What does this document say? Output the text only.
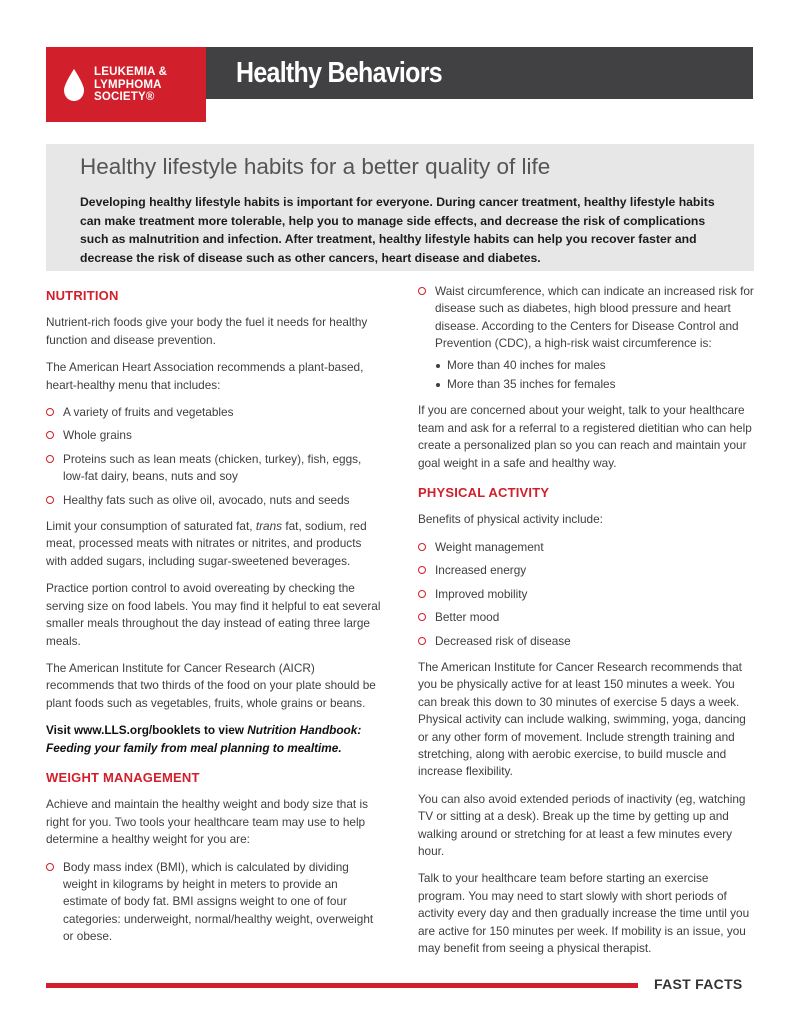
LEUKEMIA &
LYMPHOMA
SOCIETY®
Healthy Behaviors
Healthy lifestyle habits for a better quality of life
Developing healthy lifestyle habits is important for everyone. During cancer treatment, healthy lifestyle habits can make treatment more tolerable, help you to manage side effects, and decrease the risk of complications such as malnutrition and infection. After treatment, healthy lifestyle habits can help you recover faster and decrease the risk of disease such as other cancers, heart disease and diabetes.
NUTRITION

Nutrient-rich foods give your body the fuel it needs for healthy function and disease prevention.

The American Heart Association recommends a plant-based, heart-healthy menu that includes:

A variety of fruits and vegetables
Whole grains
Proteins such as lean meats (chicken, turkey), fish, eggs, low-fat dairy, beans, nuts and soy
Healthy fats such as olive oil, avocado, nuts and seeds

Limit your consumption of saturated fat, trans fat, sodium, red meat, processed meats with nitrates or nitrites, and products with added sugars, including sugar-sweetened beverages.

Practice portion control to avoid overeating by checking the serving size on food labels. You may find it helpful to eat several smaller meals throughout the day instead of eating three large meals.

The American Institute for Cancer Research (AICR) recommends that two thirds of the food on your plate should be plant foods such as vegetables, fruits, whole grains or beans.

Visit www.LLS.org/booklets to view Nutrition Handbook: Feeding your family from meal planning to mealtime.

WEIGHT MANAGEMENT

Achieve and maintain the healthy weight and body size that is right for you. Two tools your healthcare team may use to help determine a healthy weight for you are:

Body mass index (BMI), which is calculated by dividing weight in kilograms by height in meters to provide an estimate of body fat. BMI assigns weight to one of four categories: underweight, normal/healthy weight, overweight or obese.
Waist circumference, which can indicate an increased risk for disease such as diabetes, high blood pressure and heart disease. According to the Centers for Disease Control and Prevention (CDC), a high-risk waist circumference is:
More than 40 inches for males
More than 35 inches for females

If you are concerned about your weight, talk to your healthcare team and ask for a referral to a registered dietitian who can help create a personalized plan so you can reach and maintain your goal weight in a safe and healthy way.

PHYSICAL ACTIVITY

Benefits of physical activity include:

Weight management
Increased energy
Improved mobility
Better mood
Decreased risk of disease

The American Institute for Cancer Research recommends that you be physically active for at least 150 minutes a week. You can break this down to 30 minutes of exercise 5 days a week. Physical activity can include walking, swimming, yoga, dancing or any other form of movement. Include strength training and stretching, along with aerobic exercise, to build muscle and increase flexibility.

You can also avoid extended periods of inactivity (eg, watching TV or sitting at a desk). Break up the time by getting up and walking around or stretching for at least a few minutes every hour.

Talk to your healthcare team before starting an exercise program. You may need to start slowly with short periods of activity every day and then gradually increase the time until you are active for 150 minutes per week. If mobility is an issue, you may benefit from seeing a physical therapist.

FAST FACTS
